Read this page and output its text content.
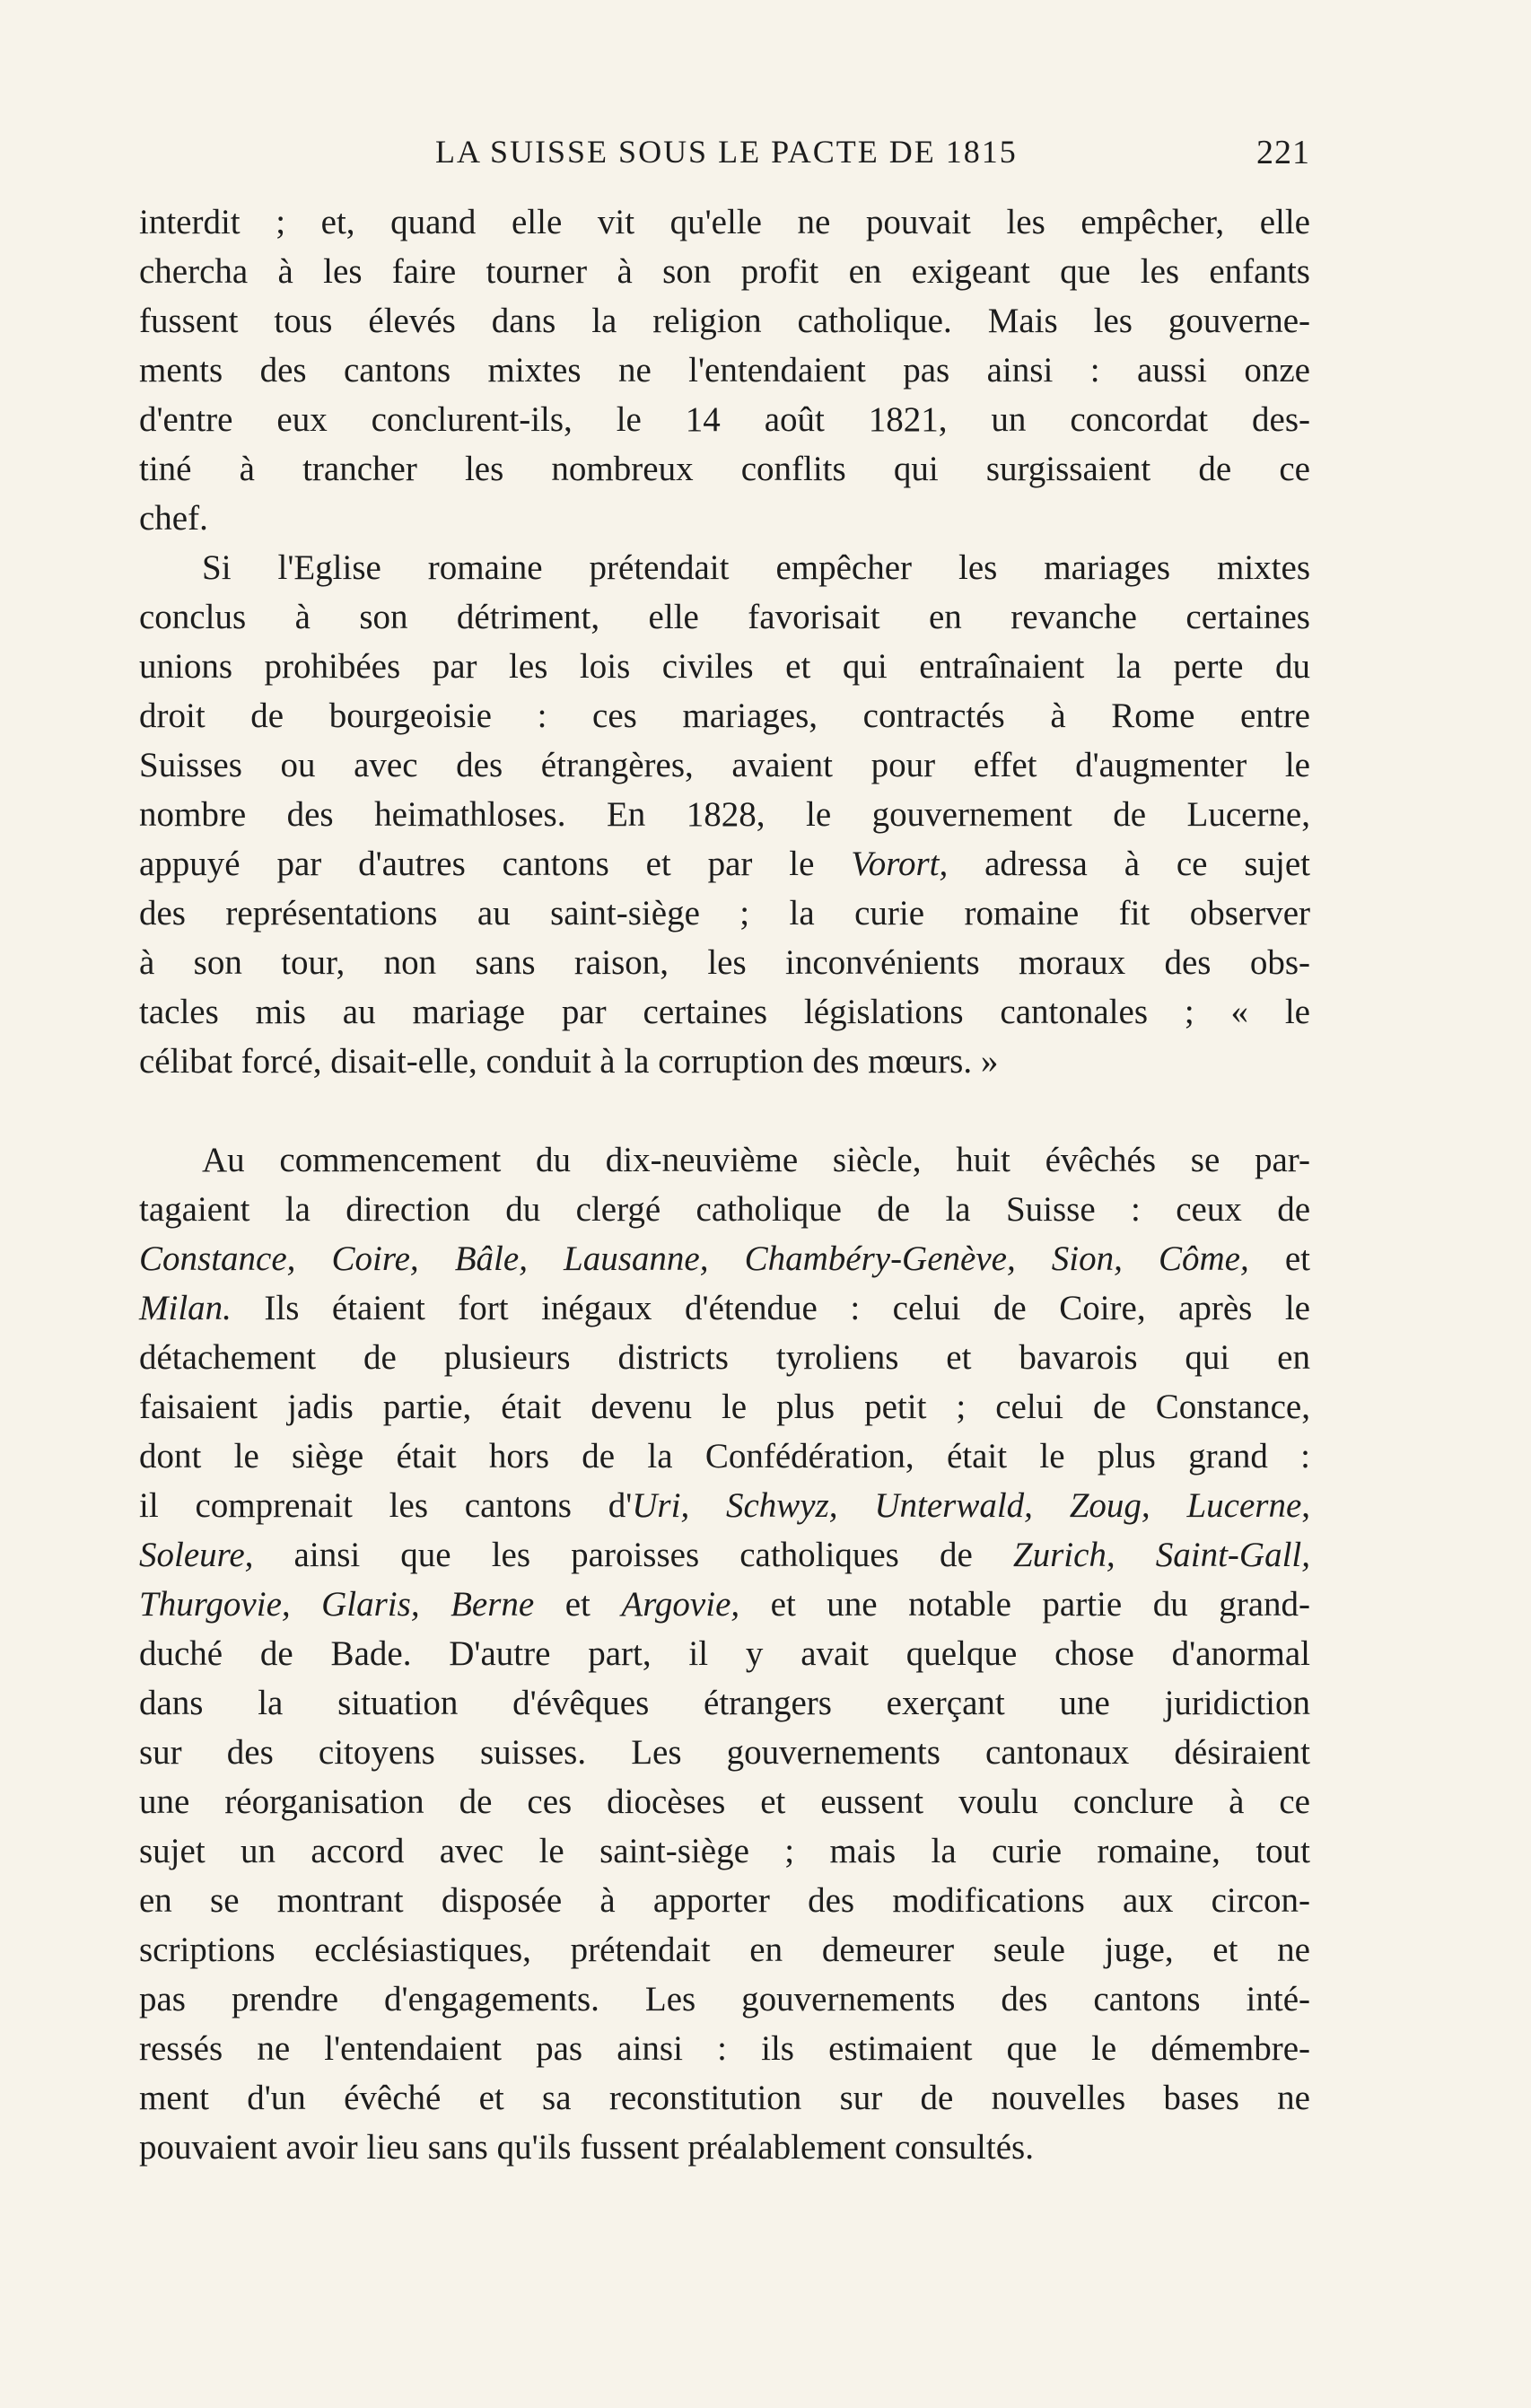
LA SUISSE SOUS LE PACTE DE 1815	221

interdit ; et, quand elle vit qu'elle ne pouvait les empêcher, elle
chercha à les faire tourner à son profit en exigeant que les enfants
fussent tous élevés dans la religion catholique. Mais les gouverne-
ments des cantons mixtes ne l'entendaient pas ainsi : aussi onze
d'entre eux conclurent-ils, le 14 août 1821, un concordat des-
tiné à trancher les nombreux conflits qui surgissaient de ce
chef.

Si l'Eglise romaine prétendait empêcher les mariages mixtes
conclus à son détriment, elle favorisait en revanche certaines
unions prohibées par les lois civiles et qui entraînaient la perte du
droit de bourgeoisie : ces mariages, contractés à Rome entre
Suisses ou avec des étrangères, avaient pour effet d'augmenter le
nombre des heimathloses. En 1828, le gouvernement de Lucerne,
appuyé par d'autres cantons et par le Vorort, adressa à ce sujet
des représentations au saint-siège ; la curie romaine fit observer
à son tour, non sans raison, les inconvénients moraux des obs-
tacles mis au mariage par certaines législations cantonales ; « le
célibat forcé, disait-elle, conduit à la corruption des mœurs. »

Au commencement du dix-neuvième siècle, huit évêchés se par-
tagaient la direction du clergé catholique de la Suisse : ceux de
Constance, Coire, Bâle, Lausanne, Chambéry-Genève, Sion, Côme, et
Milan. Ils étaient fort inégaux d'étendue : celui de Coire, après le
détachement de plusieurs districts tyroliens et bavarois qui en
faisaient jadis partie, était devenu le plus petit ; celui de Constance,
dont le siège était hors de la Confédération, était le plus grand :
il comprenait les cantons d'Uri, Schwyz, Unterwald, Zoug, Lucerne,
Soleure, ainsi que les paroisses catholiques de Zurich, Saint-Gall,
Thurgovie, Glaris, Berne et Argovie, et une notable partie du grand-
duché de Bade. D'autre part, il y avait quelque chose d'anormal
dans la situation d'évêques étrangers exerçant une juridiction
sur des citoyens suisses. Les gouvernements cantonaux désiraient
une réorganisation de ces diocèses et eussent voulu conclure à ce
sujet un accord avec le saint-siège ; mais la curie romaine, tout
en se montrant disposée à apporter des modifications aux circon-
scriptions ecclésiastiques, prétendait en demeurer seule juge, et ne
pas prendre d'engagements. Les gouvernements des cantons inté-
ressés ne l'entendaient pas ainsi : ils estimaient que le démembre-
ment d'un évêché et sa reconstitution sur de nouvelles bases ne
pouvaient avoir lieu sans qu'ils fussent préalablement consultés.
